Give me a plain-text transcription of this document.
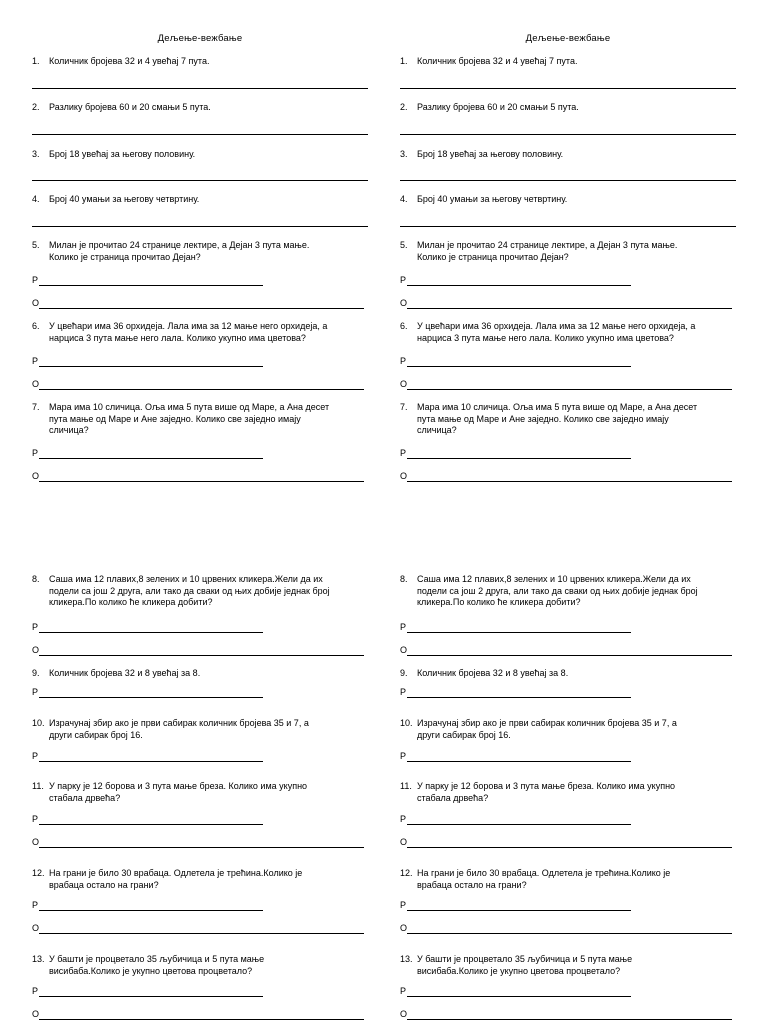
Дељење-вежбање
1. Количник бројева 32 и 4 увећај 7 пута.
2. Разлику бројева 60 и 20 смањи 5 пута.
3. Број 18 увећај за његову половину.
4. Број 40 умањи за његову четвртину.
5. Милан је прочитао 24 странице лектире, а Дејан 3 пута мање.
Колико је страница прочитао Дејан?
Р
О
6. У цвећари има 36 орхидеја. Лала има за 12 мање него орхидеја, а
нарциса 3 пута мање него лала. Колико укупно има цветова?
Р
О
7. Мара има 10 сличица. Оља има 5 пута више од Маре, а Ана десет
пута мање од Маре и Ане заједно. Колико све заједно имају
сличица?
Р
О
8. Саша има 12 плавих,8 зелених и 10 црвених кликера.Жели да их
подели са још 2 друга, али тако да сваки од њих добије једнак број
кликера.По колико ће кликера добити?
Р
О
9. Количник бројева 32 и 8 увећај за 8.
Р
10. Израчунај збир ако је први сабирак количник бројева 35 и 7, а
други сабирак број 16.
Р
11. У парку је 12 борова и 3 пута мање бреза. Колико има укупно
стабала дрвећа?
Р
О
12. На грани је било 30 врабаца. Одлетела је трећина.Колико је
врабаца остало на грани?
Р
О
13. У башти је процветало 35 љубичица и 5 пута мање
висибаба.Колико је укупно цветова процветало?
Р
О
Дељење-вежбање
1. Количник бројева 32 и 4 увећај 7 пута.
2. Разлику бројева 60 и 20 смањи 5 пута.
3. Број 18 увећај за његову половину.
4. Број 40 умањи за његову четвртину.
5. Милан је прочитао 24 странице лектире, а Дејан 3 пута мање.
Колико је страница прочитао Дејан?
Р
О
6. У цвећари има 36 орхидеја. Лала има за 12 мање него орхидеја, а
нарциса 3 пута мање него лала. Колико укупно има цветова?
Р
О
7. Мара има 10 сличица. Оља има 5 пута више од Маре, а Ана десет
пута мање од Маре и Ане заједно. Колико све заједно имају
сличица?
Р
О
8. Саша има 12 плавих,8 зелених и 10 црвених кликера.Жели да их
подели са још 2 друга, али тако да сваки од њих добије једнак број
кликера.По колико ће кликера добити?
Р
О
9. Количник бројева 32 и 8 увећај за 8.
Р
10. Израчунај збир ако је први сабирак количник бројева 35 и 7, а
други сабирак број 16.
Р
11. У парку је 12 борова и 3 пута мање бреза. Колико има укупно
стабала дрвећа?
Р
О
12. На грани је било 30 врабаца. Одлетела је трећина.Колико је
врабаца остало на грани?
Р
О
13. У башти је процветало 35 љубичица и 5 пута мање
висибаба.Колико је укупно цветова процветало?
Р
О
